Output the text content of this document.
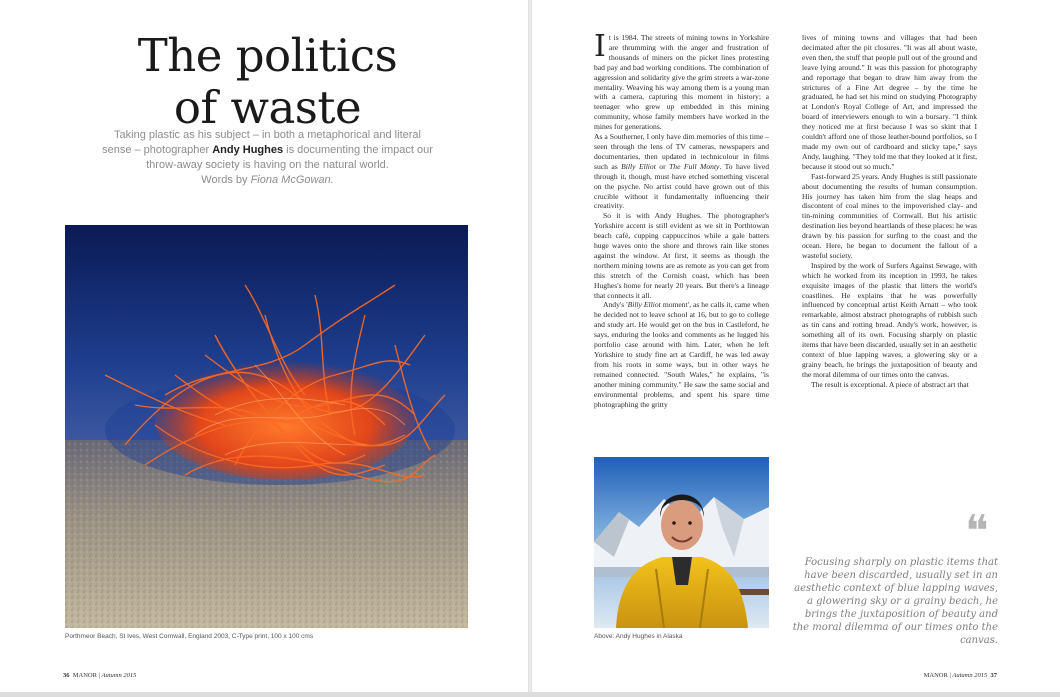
The politics
of waste
Taking plastic as his subject – in both a metaphorical and literal sense – photographer Andy Hughes is documenting the impact our throw-away society is having on the natural world.
Words by Fiona McGowan.
Porthmeor Beach, St Ives, West Cornwall, England 2003, C-Type print, 100 x 100 cms
36 MANOR | Autumn 2015

It is 1984. The streets of mining towns in Yorkshire are thrumming with the anger and frustration of thousands of miners on the picket lines protesting bad pay and bad working conditions. The combination of aggression and solidarity give the grim streets a war-zone mentality. Weaving his way among them is a young man with a camera, capturing this moment in history; a teenager who grew up embedded in this mining community, whose family members have worked in the mines for generations.

As a Southerner, I only have dim memories of this time – seen through the lens of TV cameras, newspapers and documentaries, then updated in technicolour in films such as Billy Elliot or The Full Monty. To have lived through it, though, must have etched something visceral on the psyche. No artist could have grown out of this crucible without it fundamentally influencing their creativity.

So it is with Andy Hughes. The photographer's Yorkshire accent is still evident as we sit in Porthtowan beach café, cupping cappuccinos while a gale batters huge waves onto the shore and throws rain like stones against the window. At first, it seems as though the northern mining towns are as remote as you can get from this stretch of the Cornish coast, which has been Hughes's home for nearly 20 years. But there's a lineage that connects it all.

Andy's 'Billy Elliot moment', as he calls it, came when he decided not to leave school at 16, but to go to college and study art. He would get on the bus in Castleford, he says, enduring the looks and comments as he lugged his portfolio case around with him. Later, when he left Yorkshire to study fine art at Cardiff, he was led away from his roots in some ways, but in other ways he remained connected. "South Wales," he explains, "is another mining community." He saw the same social and environmental problems, and spent his spare time photographing the gritty

lives of mining towns and villages that had been decimated after the pit closures. "It was all about waste, even then, the stuff that people pull out of the ground and leave lying around." It was this passion for photography and reportage that began to draw him away from the strictures of a Fine Art degree – by the time he graduated, he had set his mind on studying Photography at London's Royal College of Art, and impressed the board of interviewers enough to win a bursary. "I think they noticed me at first because I was so skint that I couldn't afford one of those leather-bound portfolios, so I made my own out of cardboard and sticky tape," says Andy, laughing. "They told me that they looked at it first, because it stood out so much."

Fast-forward 25 years. Andy Hughes is still passionate about documenting the results of human consumption. His journey has taken him from the slag heaps and discontent of coal mines to the impoverished clay- and tin-mining communities of Cornwall. But his artistic destination lies beyond heartlands of these places: he was drawn by his passion for surfing to the coast and the ocean. Here, he began to document the fallout of a wasteful society.

Inspired by the work of Surfers Against Sewage, with which he worked from its inception in 1993, he takes exquisite images of the plastic that litters the world's coastlines. He explains that he was powerfully influenced by conceptual artist Keith Arnatt – who took remarkable, almost abstract photographs of rubbish such as tin cans and rotting bread. Andy's work, however, is something all of its own. Focusing sharply on plastic items that have been discarded, usually set in an aesthetic context of blue lapping waves, a glowering sky or a grainy beach, he brings the juxtaposition of beauty and the moral dilemma of our times onto the canvas.

The result is exceptional. A piece of abstract art that

Above: Andy Hughes in Alaska
❝
Focusing sharply on plastic items that have been discarded, usually set in an aesthetic context of blue lapping waves, a glowering sky or a grainy beach, he brings the juxtaposition of beauty and the moral dilemma of our times onto the canvas.
MANOR | Autumn 2015 37
